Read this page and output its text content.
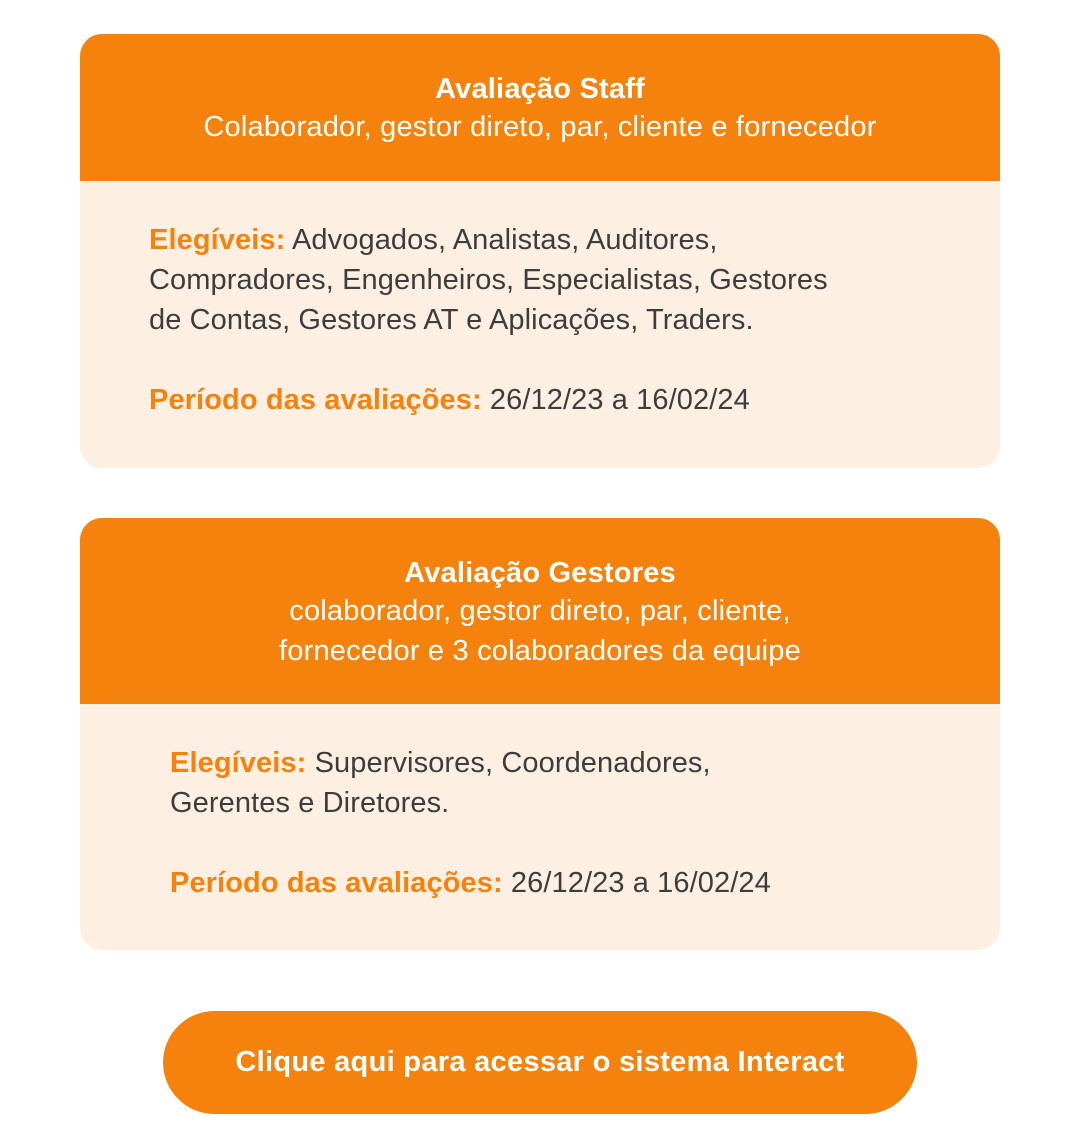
Avaliação Staff
Colaborador, gestor direto, par, cliente e fornecedor
Elegíveis: Advogados, Analistas, Auditores,
Compradores, Engenheiros, Especialistas, Gestores
de Contas, Gestores AT e Aplicações, Traders.
Período das avaliações: 26/12/23 a 16/02/24
Avaliação Gestores
colaborador, gestor direto, par, cliente,
fornecedor e 3 colaboradores da equipe
Elegíveis: Supervisores, Coordenadores,
Gerentes e Diretores.
Período das avaliações: 26/12/23 a 16/02/24
Clique aqui para acessar o sistema Interact
